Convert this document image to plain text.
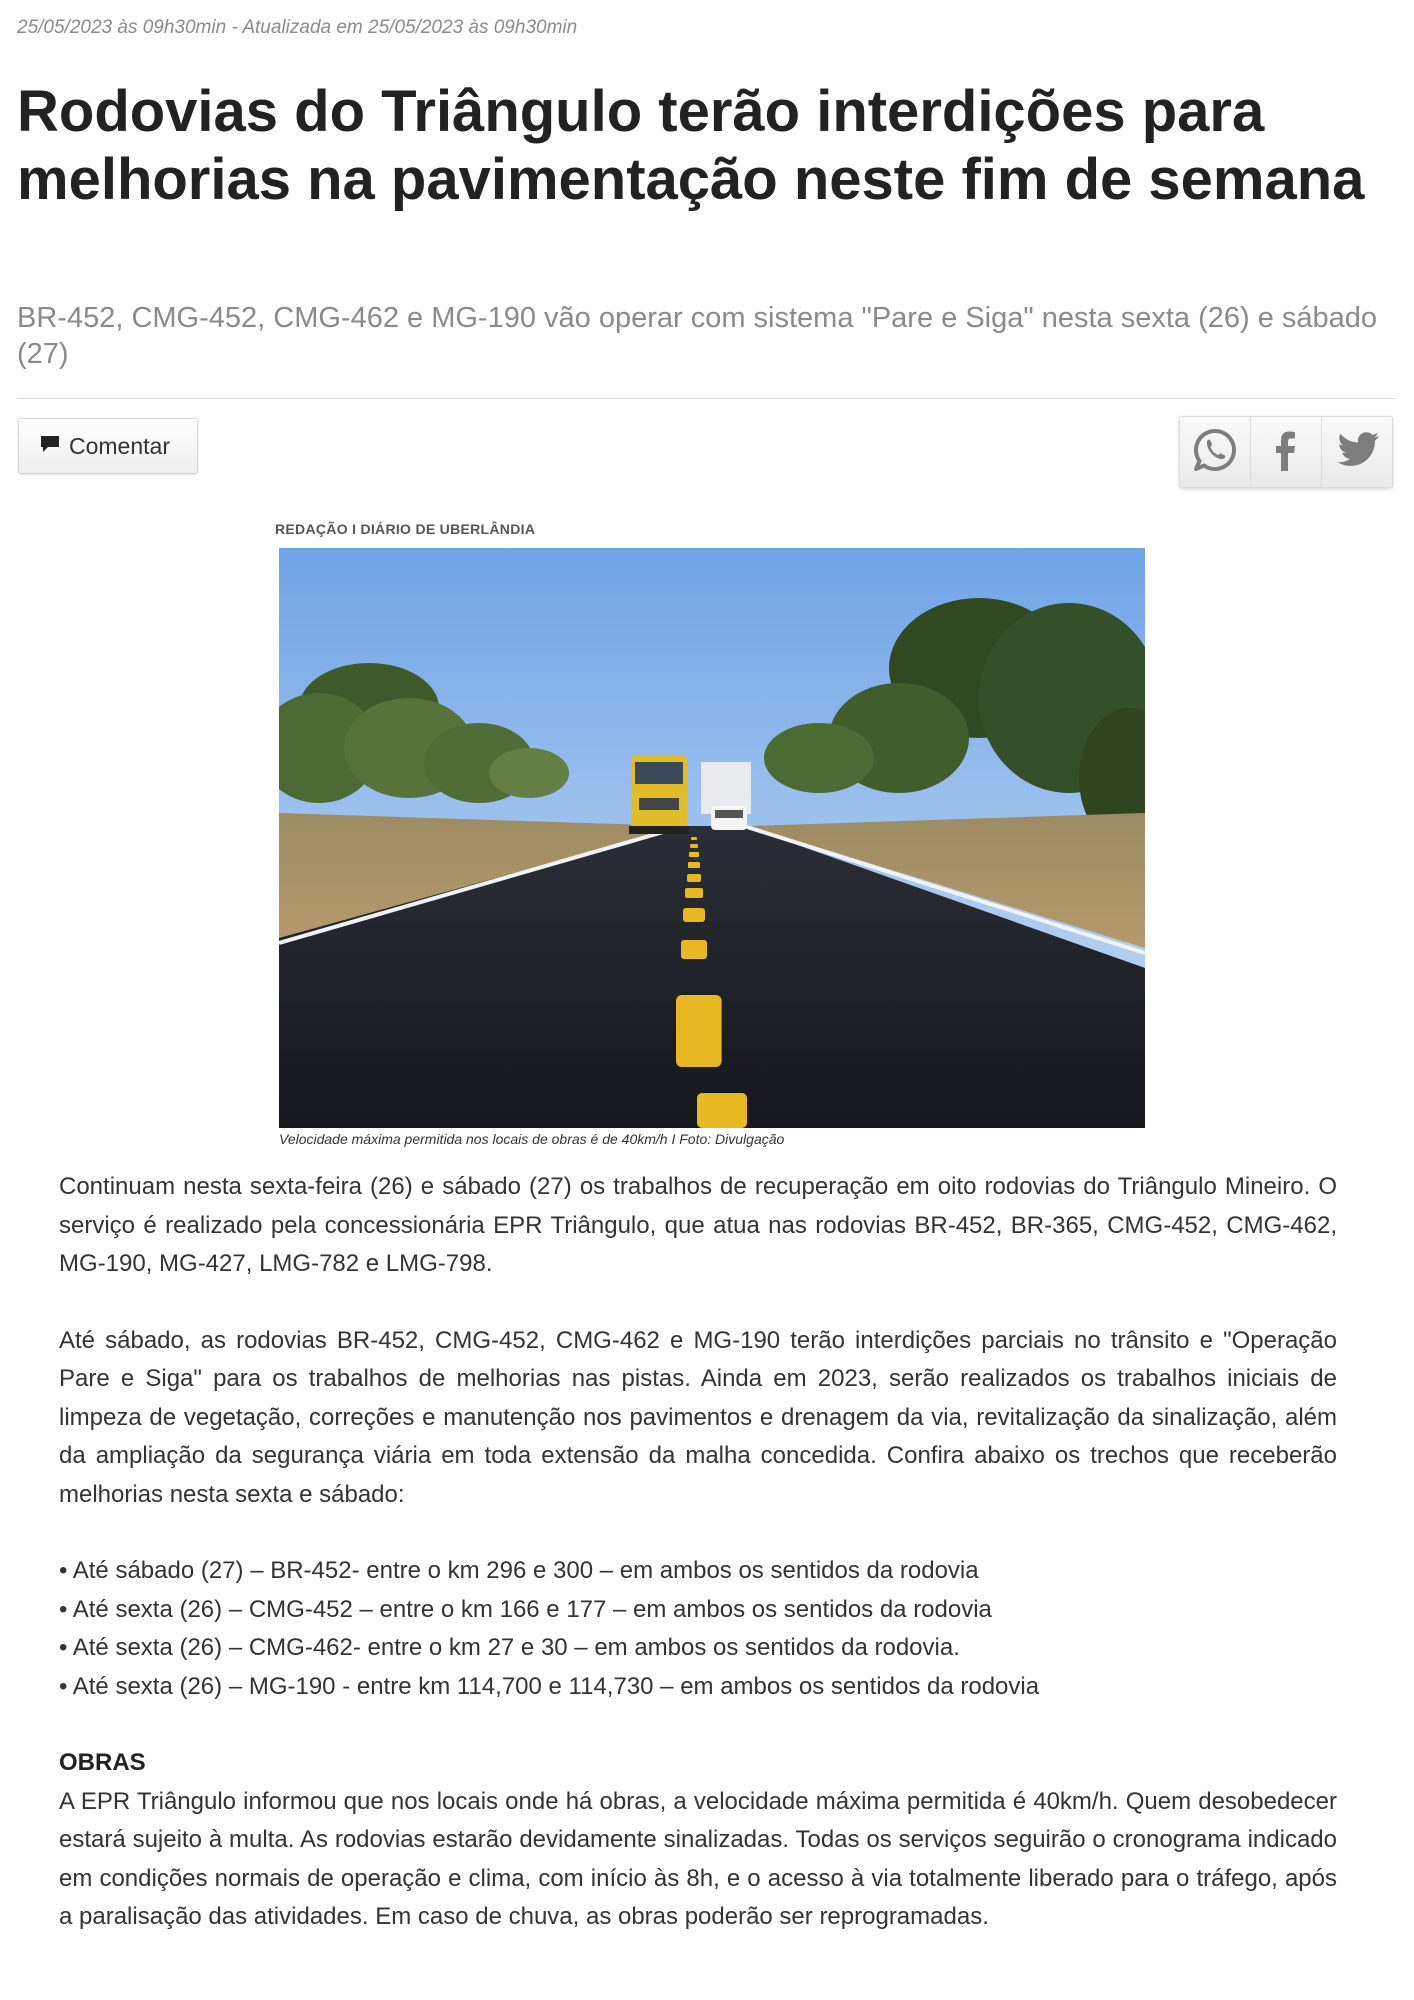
25/05/2023 às 09h30min - Atualizada em 25/05/2023 às 09h30min
Rodovias do Triângulo terão interdições para melhorias na pavimentação neste fim de semana

BR-452, CMG-452, CMG-462 e MG-190 vão operar com sistema "Pare e Siga" nesta sexta (26) e sábado (27)

Comentar
REDAÇÃO I DIÁRIO DE UBERLÂNDIA
Velocidade máxima permitida nos locais de obras é de 40km/h I Foto: Divulgação

Continuam nesta sexta-feira (26) e sábado (27) os trabalhos de recuperação em oito rodovias do Triângulo Mineiro. O serviço é realizado pela concessionária EPR Triângulo, que atua nas rodovias BR-452, BR-365, CMG-452, CMG-462, MG-190, MG-427, LMG-782 e LMG-798.

Até sábado, as rodovias BR-452, CMG-452, CMG-462 e MG-190 terão interdições parciais no trânsito e "Operação Pare e Siga" para os trabalhos de melhorias nas pistas. Ainda em 2023, serão realizados os trabalhos iniciais de limpeza de vegetação, correções e manutenção nos pavimentos e drenagem da via, revitalização da sinalização, além da ampliação da segurança viária em toda extensão da malha concedida. Confira abaixo os trechos que receberão melhorias nesta sexta e sábado:

• Até sábado (27) – BR-452- entre o km 296 e 300 – em ambos os sentidos da rodovia

• Até sexta (26) – CMG-452 – entre o km 166 e 177 – em ambos os sentidos da rodovia

• Até sexta (26) – CMG-462- entre o km 27 e 30 – em ambos os sentidos da rodovia.

• Até sexta (26) – MG-190 - entre km 114,700 e 114,730 – em ambos os sentidos da rodovia

OBRAS

A EPR Triângulo informou que nos locais onde há obras, a velocidade máxima permitida é 40km/h. Quem desobedecer estará sujeito à multa. As rodovias estarão devidamente sinalizadas. Todas os serviços seguirão o cronograma indicado em condições normais de operação e clima, com início às 8h, e o acesso à via totalmente liberado para o tráfego, após a paralisação das atividades. Em caso de chuva, as obras poderão ser reprogramadas.
